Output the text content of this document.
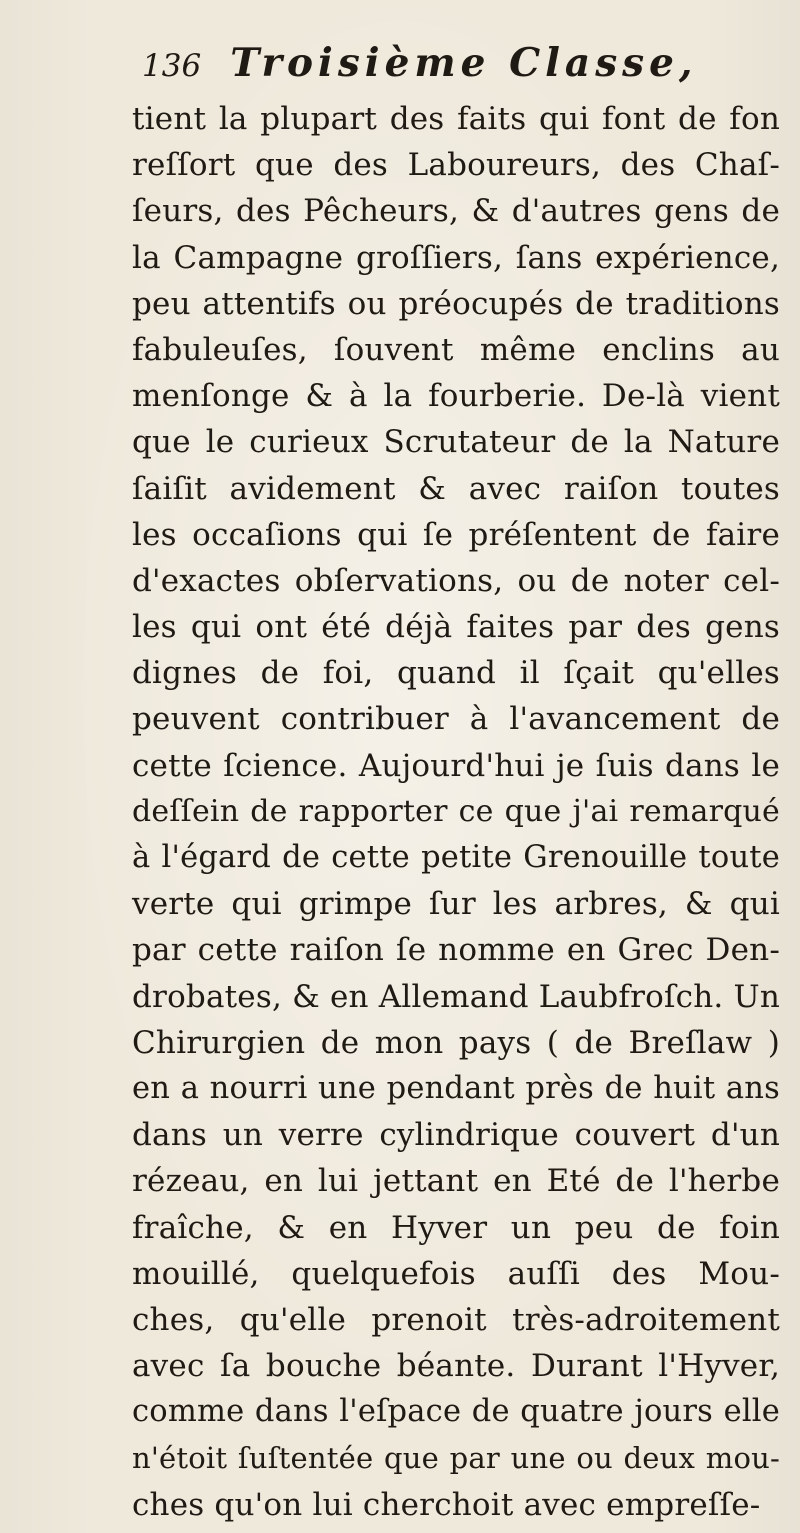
136 Troisième Classe,
tient la plupart des faits qui font de fon
reſſort que des Laboureurs, des Chaſ-
ſeurs, des Pêcheurs, & d'autres gens de
la Campagne groſſiers, ſans expérience,
peu attentifs ou préocupés de traditions
fabuleuſes, ſouvent même enclins au
menſonge & à la fourberie. De-là vient
que le curieux Scrutateur de la Nature
ſaiſit avidement & avec raiſon toutes
les occaſions qui ſe préſentent de faire
d'exactes obſervations, ou de noter cel-
les qui ont été déjà faites par des gens
dignes de foi, quand il ſçait qu'elles
peuvent contribuer à l'avancement de
cette ſcience. Aujourd'hui je ſuis dans le
deſſein de rapporter ce que j'ai remarqué
à l'égard de cette petite Grenouille toute
verte qui grimpe ſur les arbres, & qui
par cette raiſon ſe nomme en Grec Den-
drobates, & en Allemand Laubfroſch. Un
Chirurgien de mon pays ( de Breſlaw )
en a nourri une pendant près de huit ans
dans un verre cylindrique couvert d'un
rézeau, en lui jettant en Eté de l'herbe
fraîche, & en Hyver un peu de foin
mouillé, quelquefois auſſi des Mou-
ches, qu'elle prenoit très-adroitement
avec ſa bouche béante. Durant l'Hyver,
comme dans l'eſpace de quatre jours elle
n'étoit ſuſtentée que par une ou deux mou-
ches qu'on lui cherchoit avec empreſſe-
